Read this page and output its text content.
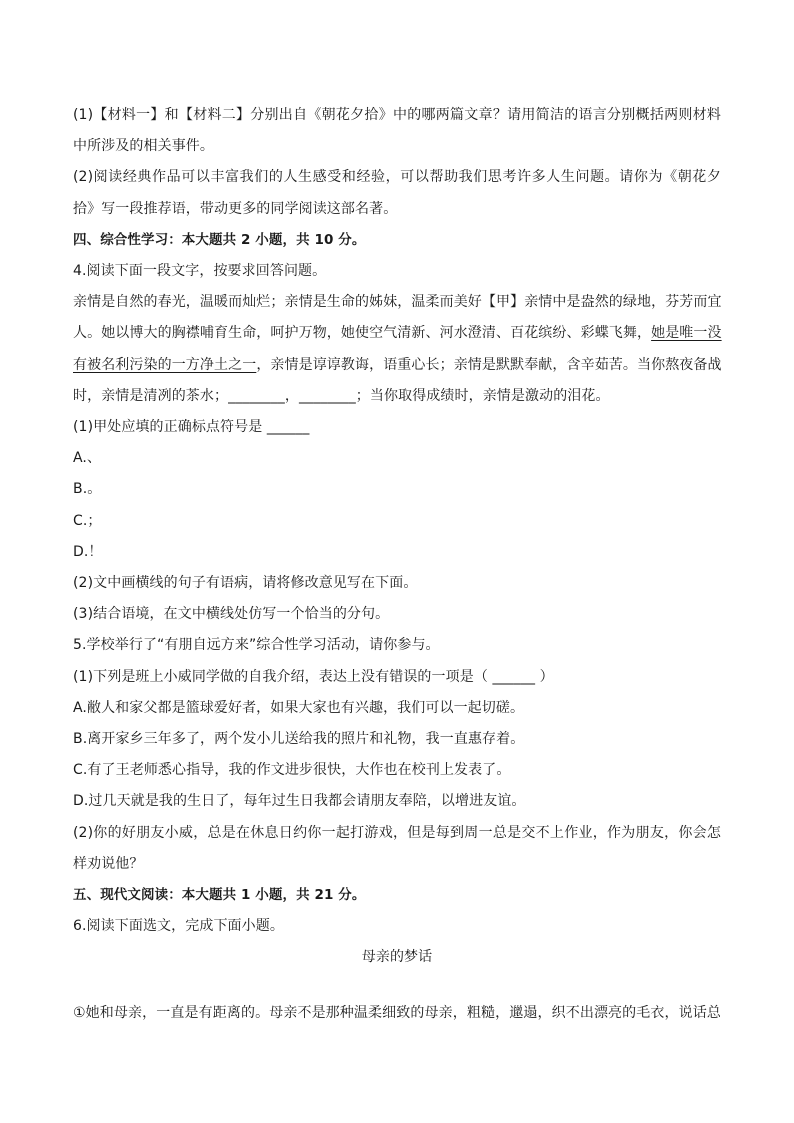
(1)【材料一】和【材料二】分别出自《朝花夕拾》中的哪两篇文章？请用简洁的语言分别概括两则材料
中所涉及的相关事件。
(2)阅读经典作品可以丰富我们的人生感受和经验，可以帮助我们思考许多人生问题。请你为《朝花夕
拾》写一段推荐语，带动更多的同学阅读这部名著。
四、综合性学习：本大题共 2 小题，共 10 分。
4.阅读下面一段文字，按要求回答问题。
亲情是自然的春光，温暖而灿烂；亲情是生命的姊妹，温柔而美好【甲】亲情中是盎然的绿地，芬芳而宜
人。她以博大的胸襟哺育生命，呵护万物，她使空气清新、河水澄清、百花缤纷、彩蝶飞舞，她是唯一没
有被名利污染的一方净土之一，亲情是谆谆教诲，语重心长；亲情是默默奉献，含辛茹苦。当你熬夜备战
时，亲情是清冽的茶水；________，________；当你取得成绩时，亲情是激动的泪花。
(1)甲处应填的正确标点符号是 ______
A.、
B.。
C.；
D.！
(2)文中画横线的句子有语病，请将修改意见写在下面。
(3)结合语境，在文中横线处仿写一个恰当的分句。
5.学校举行了“有朋自远方来”综合性学习活动，请你参与。
(1)下列是班上小威同学做的自我介绍，表达上没有错误的一项是（ ______ ）
A.敝人和家父都是篮球爱好者，如果大家也有兴趣，我们可以一起切磋。
B.离开家乡三年多了，两个发小儿送给我的照片和礼物，我一直惠存着。
C.有了王老师悉心指导，我的作文进步很快，大作也在校刊上发表了。
D.过几天就是我的生日了，每年过生日我都会请朋友奉陪，以增进友谊。
(2)你的好朋友小威，总是在休息日约你一起打游戏，但是每到周一总是交不上作业，作为朋友，你会怎
样劝说他？
五、现代文阅读：本大题共 1 小题，共 21 分。
6.阅读下面选文，完成下面小题。
母亲的梦话
①她和母亲，一直是有距离的。母亲不是那种温柔细致的母亲，粗糙，邋遢，织不出漂亮的毛衣，说话总
